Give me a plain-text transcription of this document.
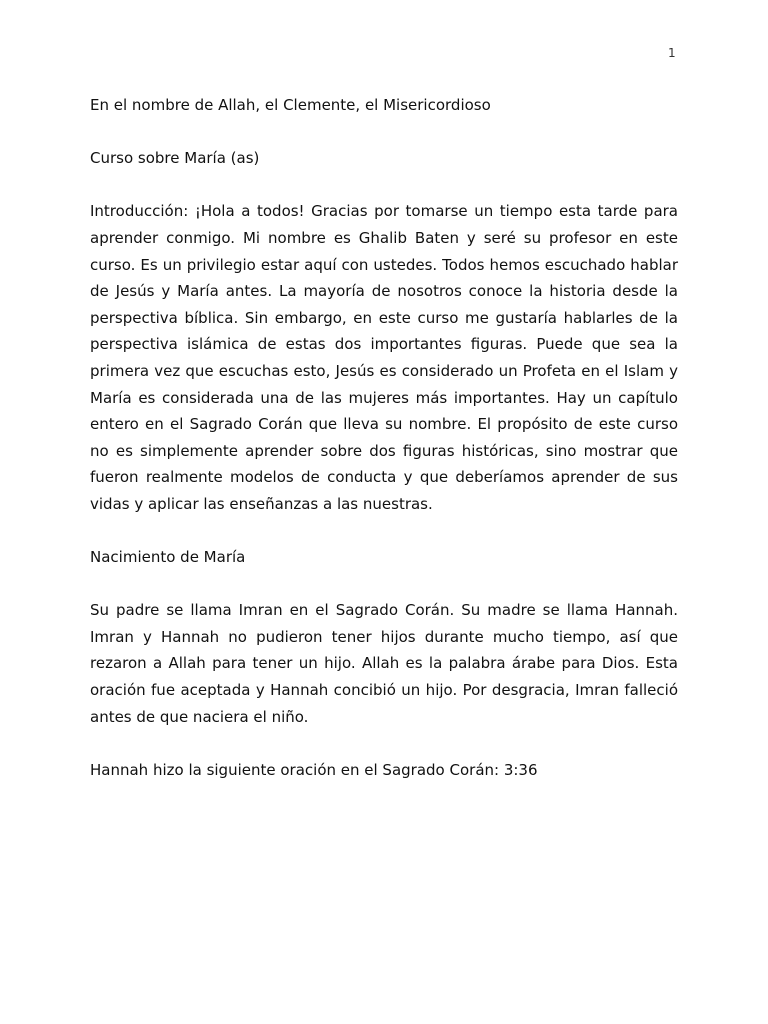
1

En el nombre de Allah, el Clemente, el Misericordioso

Curso sobre María (as)

Introducción: ¡Hola a todos! Gracias por tomarse un tiempo esta tarde para aprender conmigo. Mi nombre es Ghalib Baten y seré su profesor en este curso. Es un privilegio estar aquí con ustedes. Todos hemos escuchado hablar de Jesús y María antes. La mayoría de nosotros conoce la historia desde la perspectiva bíblica. Sin embargo, en este curso me gustaría hablarles de la perspectiva islámica de estas dos importantes figuras. Puede que sea la primera vez que escuchas esto, Jesús es considerado un Profeta en el Islam y María es considerada una de las mujeres más importantes. Hay un capítulo entero en el Sagrado Corán que lleva su nombre. El propósito de este curso no es simplemente aprender sobre dos figuras históricas, sino mostrar que fueron realmente modelos de conducta y que deberíamos aprender de sus vidas y aplicar las enseñanzas a las nuestras.

Nacimiento de María

Su padre se llama Imran en el Sagrado Corán. Su madre se llama Hannah. Imran y Hannah no pudieron tener hijos durante mucho tiempo, así que rezaron a Allah para tener un hijo. Allah es la palabra árabe para Dios. Esta oración fue aceptada y Hannah concibió un hijo. Por desgracia, Imran falleció antes de que naciera el niño.

Hannah hizo la siguiente oración en el Sagrado Corán: 3:36
